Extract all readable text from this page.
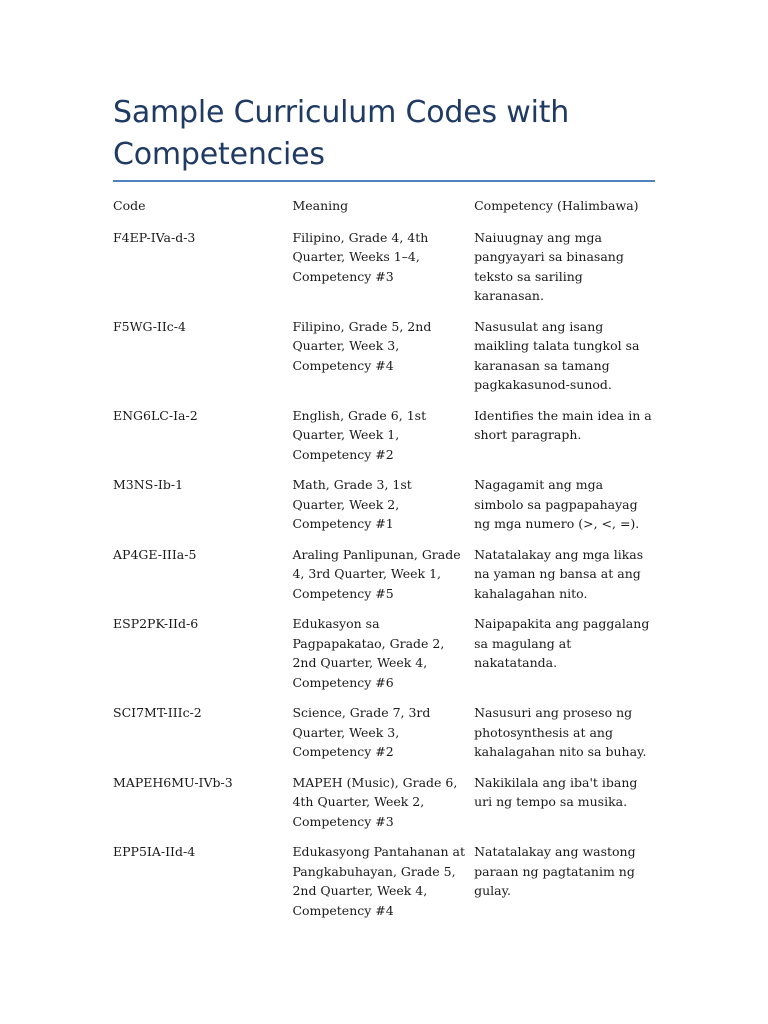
Sample Curriculum Codes with Competencies
Code	Meaning	Competency (Halimbawa)
F4EP-IVa-d-3	Filipino, Grade 4, 4th Quarter, Weeks 1–4, Competency #3	Naiuugnay ang mga pangyayari sa binasang teksto sa sariling karanasan.
F5WG-IIc-4	Filipino, Grade 5, 2nd Quarter, Week 3, Competency #4	Nasusulat ang isang maikling talata tungkol sa karanasan sa tamang pagkakasunod-sunod.
ENG6LC-Ia-2	English, Grade 6, 1st Quarter, Week 1, Competency #2	Identifies the main idea in a short paragraph.
M3NS-Ib-1	Math, Grade 3, 1st Quarter, Week 2, Competency #1	Nagagamit ang mga simbolo sa pagpapahayag ng mga numero (>, <, =).
AP4GE-IIIa-5	Araling Panlipunan, Grade 4, 3rd Quarter, Week 1, Competency #5	Natatalakay ang mga likas na yaman ng bansa at ang kahalagahan nito.
ESP2PK-IId-6	Edukasyon sa Pagpapakatao, Grade 2, 2nd Quarter, Week 4, Competency #6	Naipapakita ang paggalang sa magulang at nakatatanda.
SCI7MT-IIIc-2	Science, Grade 7, 3rd Quarter, Week 3, Competency #2	Nasusuri ang proseso ng photosynthesis at ang kahalagahan nito sa buhay.
MAPEH6MU-IVb-3	MAPEH (Music), Grade 6, 4th Quarter, Week 2, Competency #3	Nakikilala ang iba't ibang uri ng tempo sa musika.
EPP5IA-IId-4	Edukasyong Pantahanan at Pangkabuhayan, Grade 5, 2nd Quarter, Week 4, Competency #4	Natatalakay ang wastong paraan ng pagtatanim ng gulay.
